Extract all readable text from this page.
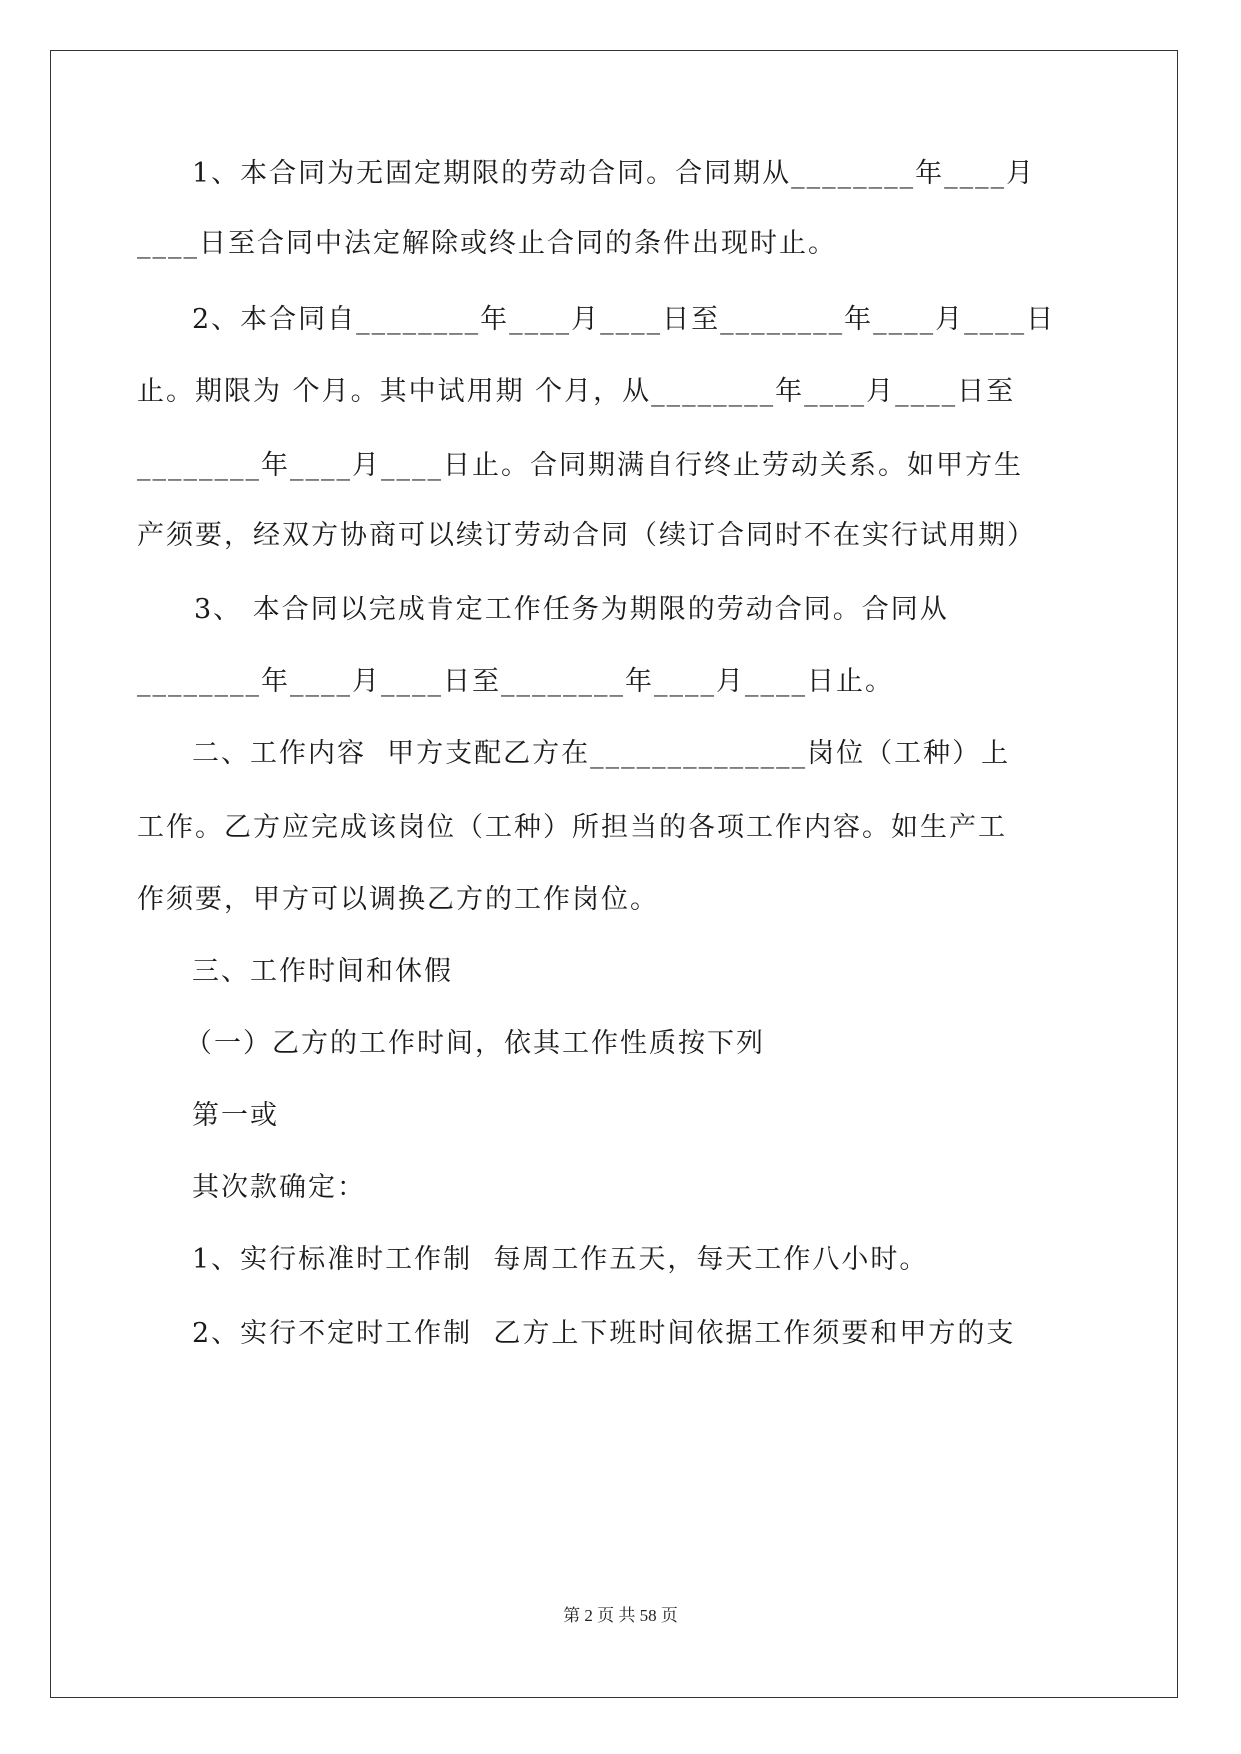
1、本合同为无固定期限的劳动合同。合同期从________年____月
____日至合同中法定解除或终止合同的条件出现时止。
2、本合同自________年____月____日至________年____月____日
止。期限为 个月。其中试用期 个月，从________年____月____日至
________年____月____日止。合同期满自行终止劳动关系。如甲方生
产须要，经双方协商可以续订劳动合同（续订合同时不在实行试用期）
3、 本合同以完成肯定工作任务为期限的劳动合同。合同从
________年____月____日至________年____月____日止。
二、工作内容  甲方支配乙方在______________岗位（工种）上
工作。乙方应完成该岗位（工种）所担当的各项工作内容。如生产工
作须要，甲方可以调换乙方的工作岗位。
三、工作时间和休假
（一）乙方的工作时间，依其工作性质按下列
第一或
其次款确定：
1、实行标准时工作制  每周工作五天，每天工作八小时。
2、实行不定时工作制  乙方上下班时间依据工作须要和甲方的支
第 2 页 共 58 页
